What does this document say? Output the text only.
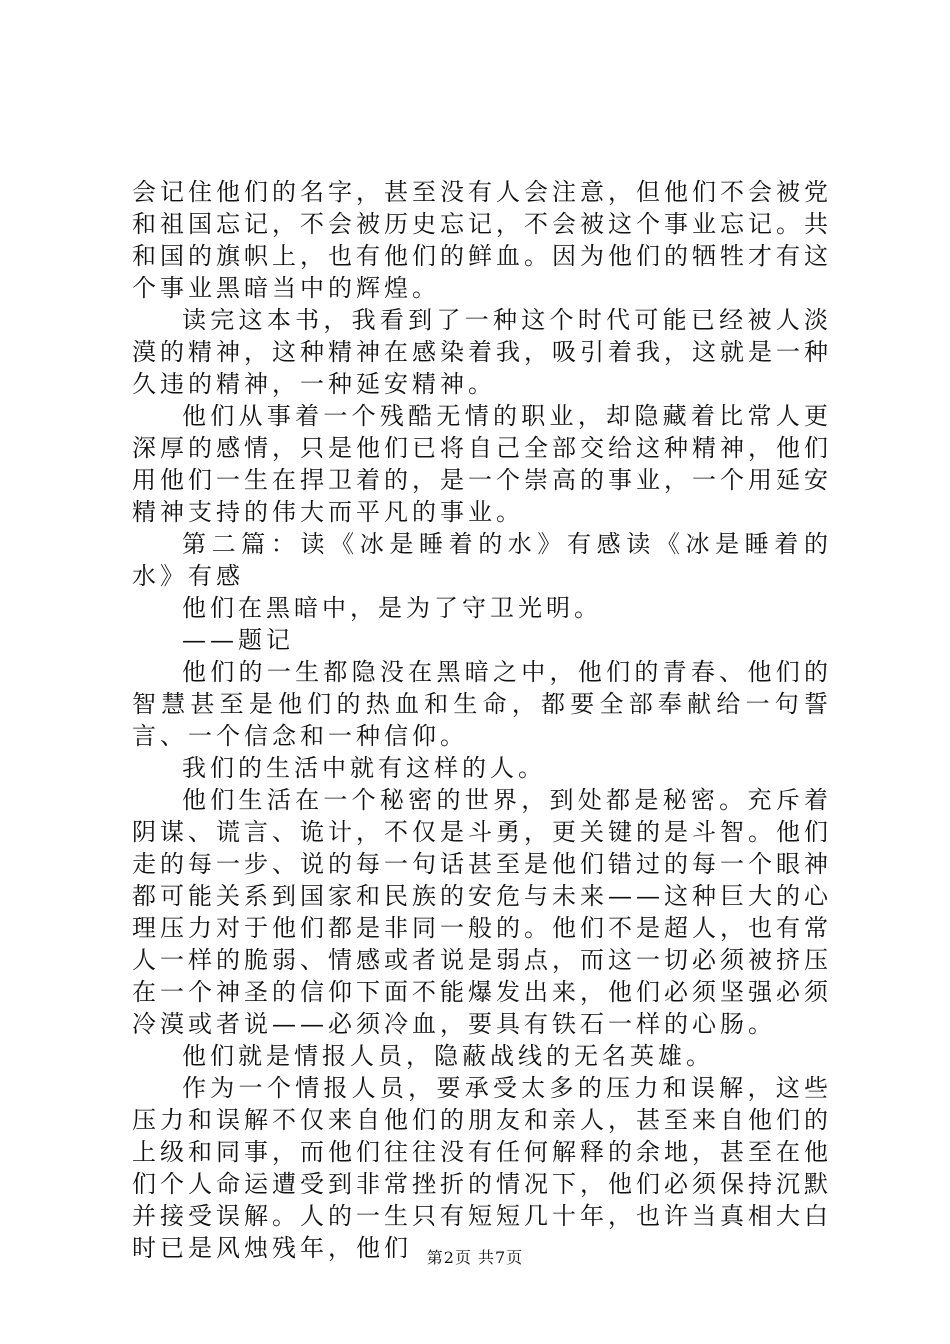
会记住他们的名字，甚至没有人会注意，但他们不会被党和祖国忘记，不会被历史忘记，不会被这个事业忘记。共和国的旗帜上，也有他们的鲜血。因为他们的牺牲才有这个事业黑暗当中的辉煌。

读完这本书，我看到了一种这个时代可能已经被人淡漠的精神，这种精神在感染着我，吸引着我，这就是一种久违的精神，一种延安精神。

他们从事着一个残酷无情的职业，却隐藏着比常人更深厚的感情，只是他们已将自己全部交给这种精神，他们用他们一生在捍卫着的，是一个崇高的事业，一个用延安精神支持的伟大而平凡的事业。

第二篇：读《冰是睡着的水》有感读《冰是睡着的水》有感

他们在黑暗中，是为了守卫光明。

——题记

他们的一生都隐没在黑暗之中，他们的青春、他们的智慧甚至是他们的热血和生命，都要全部奉献给一句誓言、一个信念和一种信仰。

我们的生活中就有这样的人。

他们生活在一个秘密的世界，到处都是秘密。充斥着阴谋、谎言、诡计，不仅是斗勇，更关键的是斗智。他们走的每一步、说的每一句话甚至是他们错过的每一个眼神都可能关系到国家和民族的安危与未来——这种巨大的心理压力对于他们都是非同一般的。他们不是超人，也有常人一样的脆弱、情感或者说是弱点，而这一切必须被挤压在一个神圣的信仰下面不能爆发出来，他们必须坚强必须冷漠或者说——必须冷血，要具有铁石一样的心肠。

他们就是情报人员，隐蔽战线的无名英雄。

作为一个情报人员，要承受太多的压力和误解，这些压力和误解不仅来自他们的朋友和亲人，甚至来自他们的上级和同事，而他们往往没有任何解释的余地，甚至在他们个人命运遭受到非常挫折的情况下，他们必须保持沉默并接受误解。人的一生只有短短几十年，也许当真相大白时已是风烛残年，他们 第2页 共7页
